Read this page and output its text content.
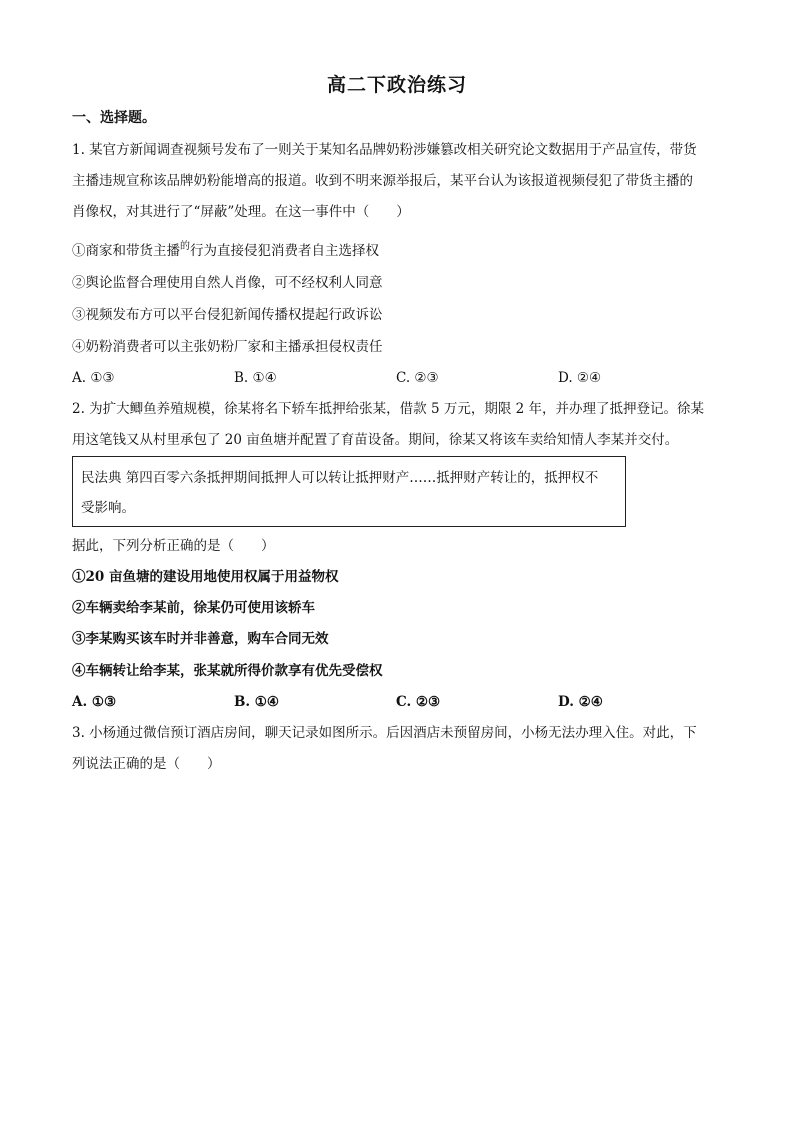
高二下政治练习
一、选择题。
1. 某官方新闻调查视频号发布了一则关于某知名品牌奶粉涉嫌篡改相关研究论文数据用于产品宣传，带货
主播违规宣称该品牌奶粉能增高的报道。收到不明来源举报后，某平台认为该报道视频侵犯了带货主播的
肖像权，对其进行了“屏蔽”处理。在这一事件中（　　）
①商家和带货主播$^的$行为直接侵犯消费者自主选择权
②舆论监督合理使用自然人肖像，可不经权利人同意
③视频发布方可以平台侵犯新闻传播权提起行政诉讼
④奶粉消费者可以主张奶粉厂家和主播承担侵权责任
A. ①③	B. ①④	C. ②③	D. ②④
2. 为扩大鲫鱼养殖规模，徐某将名下轿车抵押给张某，借款 5 万元，期限 2 年，并办理了抵押登记。徐某
用这笔钱又从村里承包了 20 亩鱼塘并配置了育苗设备。期间，徐某又将该车卖给知情人李某并交付。
民法典 第四百零六条抵押期间抵押人可以转让抵押财产……抵押财产转让的，抵押权不
受影响。
据此，下列分析正确的是（　　）
①20 亩鱼塘的建设用地使用权属于用益物权
②车辆卖给李某前，徐某仍可使用该轿车
③李某购买该车时并非善意，购车合同无效
④车辆转让给李某，张某就所得价款享有优先受偿权
A. ①③	B. ①④	C. ②③	D. ②④
3. 小杨通过微信预订酒店房间，聊天记录如图所示。后因酒店未预留房间，小杨无法办理入住。对此，下
列说法正确的是（　　）
